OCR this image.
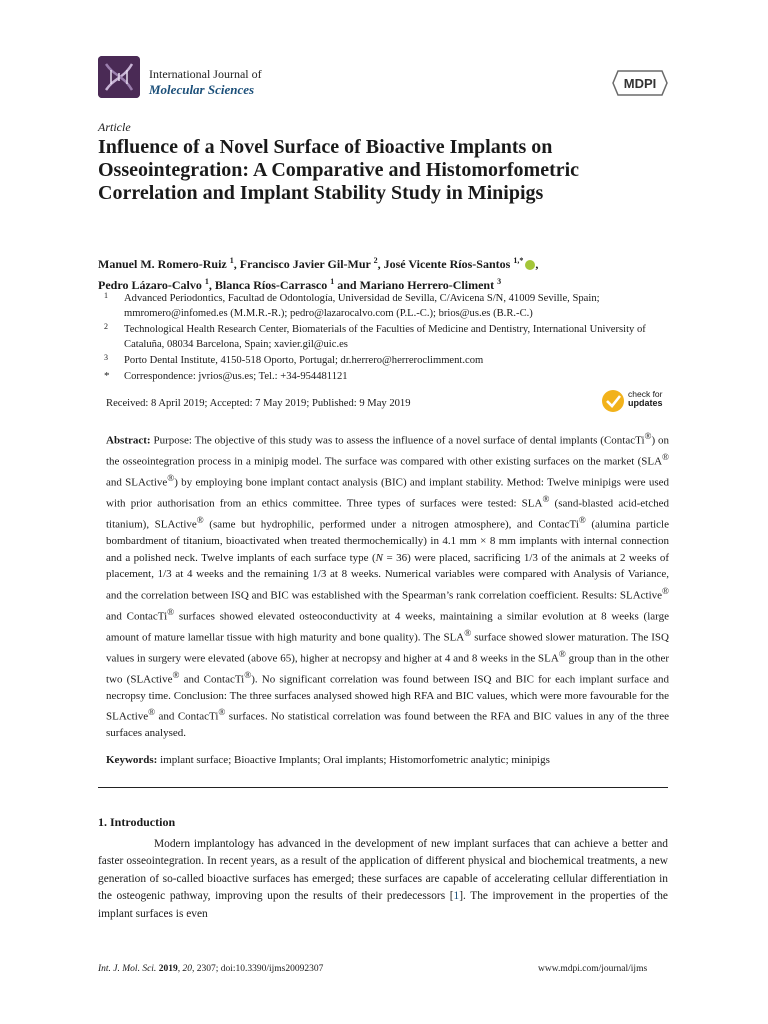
International Journal of
Molecular Sciences	MDPI
Article
Influence of a Novel Surface of Bioactive Implants on Osseointegration: A Comparative and Histomorfometric Correlation and Implant Stability Study in Minipigs
Manuel M. Romero-Ruiz $^1$, Francisco Javier Gil-Mur $^2$, José Vicente Ríos-Santos $^{1,*}$ ,
Pedro Lázaro-Calvo $^1$, Blanca Ríos-Carrasco $^1$ and Mariano Herrero-Climent $^3$
1 Advanced Periodontics, Facultad de Odontología, Universidad de Sevilla, C/Avicena S/N, 41009 Seville, Spain; mmromero@infomed.es (M.M.R.-R.); pedro@lazarocalvo.com (P.L.-C.); brios@us.es (B.R.-C.)
2 Technological Health Research Center, Biomaterials of the Faculties of Medicine and Dentistry, International University of Cataluña, 08034 Barcelona, Spain; xavier.gil@uic.es
3 Porto Dental Institute, 4150-518 Oporto, Portugal; dr.herrero@herreroclimment.com
* Correspondence: jvrios@us.es; Tel.: +34-954481121
Received: 8 April 2019; Accepted: 7 May 2019; Published: 9 May 2019
check for
updates
Abstract: Purpose: The objective of this study was to assess the influence of a novel surface of dental implants (ContacTi®) on the osseointegration process in a minipig model. The surface was compared with other existing surfaces on the market (SLA® and SLActive®) by employing bone implant contact analysis (BIC) and implant stability. Method: Twelve minipigs were used with prior authorisation from an ethics committee. Three types of surfaces were tested: SLA® (sand-blasted acid-etched titanium), SLActive® (same but hydrophilic, performed under a nitrogen atmosphere), and ContacTi® (alumina particle bombardment of titanium, bioactivated when treated thermochemically) in 4.1 mm × 8 mm implants with internal connection and a polished neck. Twelve implants of each surface type (N = 36) were placed, sacrificing 1/3 of the animals at 2 weeks of placement, 1/3 at 4 weeks and the remaining 1/3 at 8 weeks. Numerical variables were compared with Analysis of Variance, and the correlation between ISQ and BIC was established with the Spearman’s rank correlation coefficient. Results: SLActive® and ContacTi® surfaces showed elevated osteoconductivity at 4 weeks, maintaining a similar evolution at 8 weeks (large amount of mature lamellar tissue with high maturity and bone quality). The SLA® surface showed slower maturation. The ISQ values in surgery were elevated (above 65), higher at necropsy and higher at 4 and 8 weeks in the SLA® group than in the other two (SLActive® and ContacTi®). No significant correlation was found between ISQ and BIC for each implant surface and necropsy time. Conclusion: The three surfaces analysed showed high RFA and BIC values, which were more favourable for the SLActive® and ContacTi® surfaces. No statistical correlation was found between the RFA and BIC values in any of the three surfaces analysed.
Keywords: implant surface; Bioactive Implants; Oral implants; Histomorfometric analytic; minipigs
1. Introduction
Modern implantology has advanced in the development of new implant surfaces that can achieve a better and faster osseointegration. In recent years, as a result of the application of different physical and biochemical treatments, a new generation of so-called bioactive surfaces has emerged; these surfaces are capable of accelerating cellular differentiation in the osteogenic pathway, improving upon the results of their predecessors [1]. The improvement in the properties of the implant surfaces is even
Int. J. Mol. Sci. 2019, 20, 2307; doi:10.3390/ijms20092307	www.mdpi.com/journal/ijms
